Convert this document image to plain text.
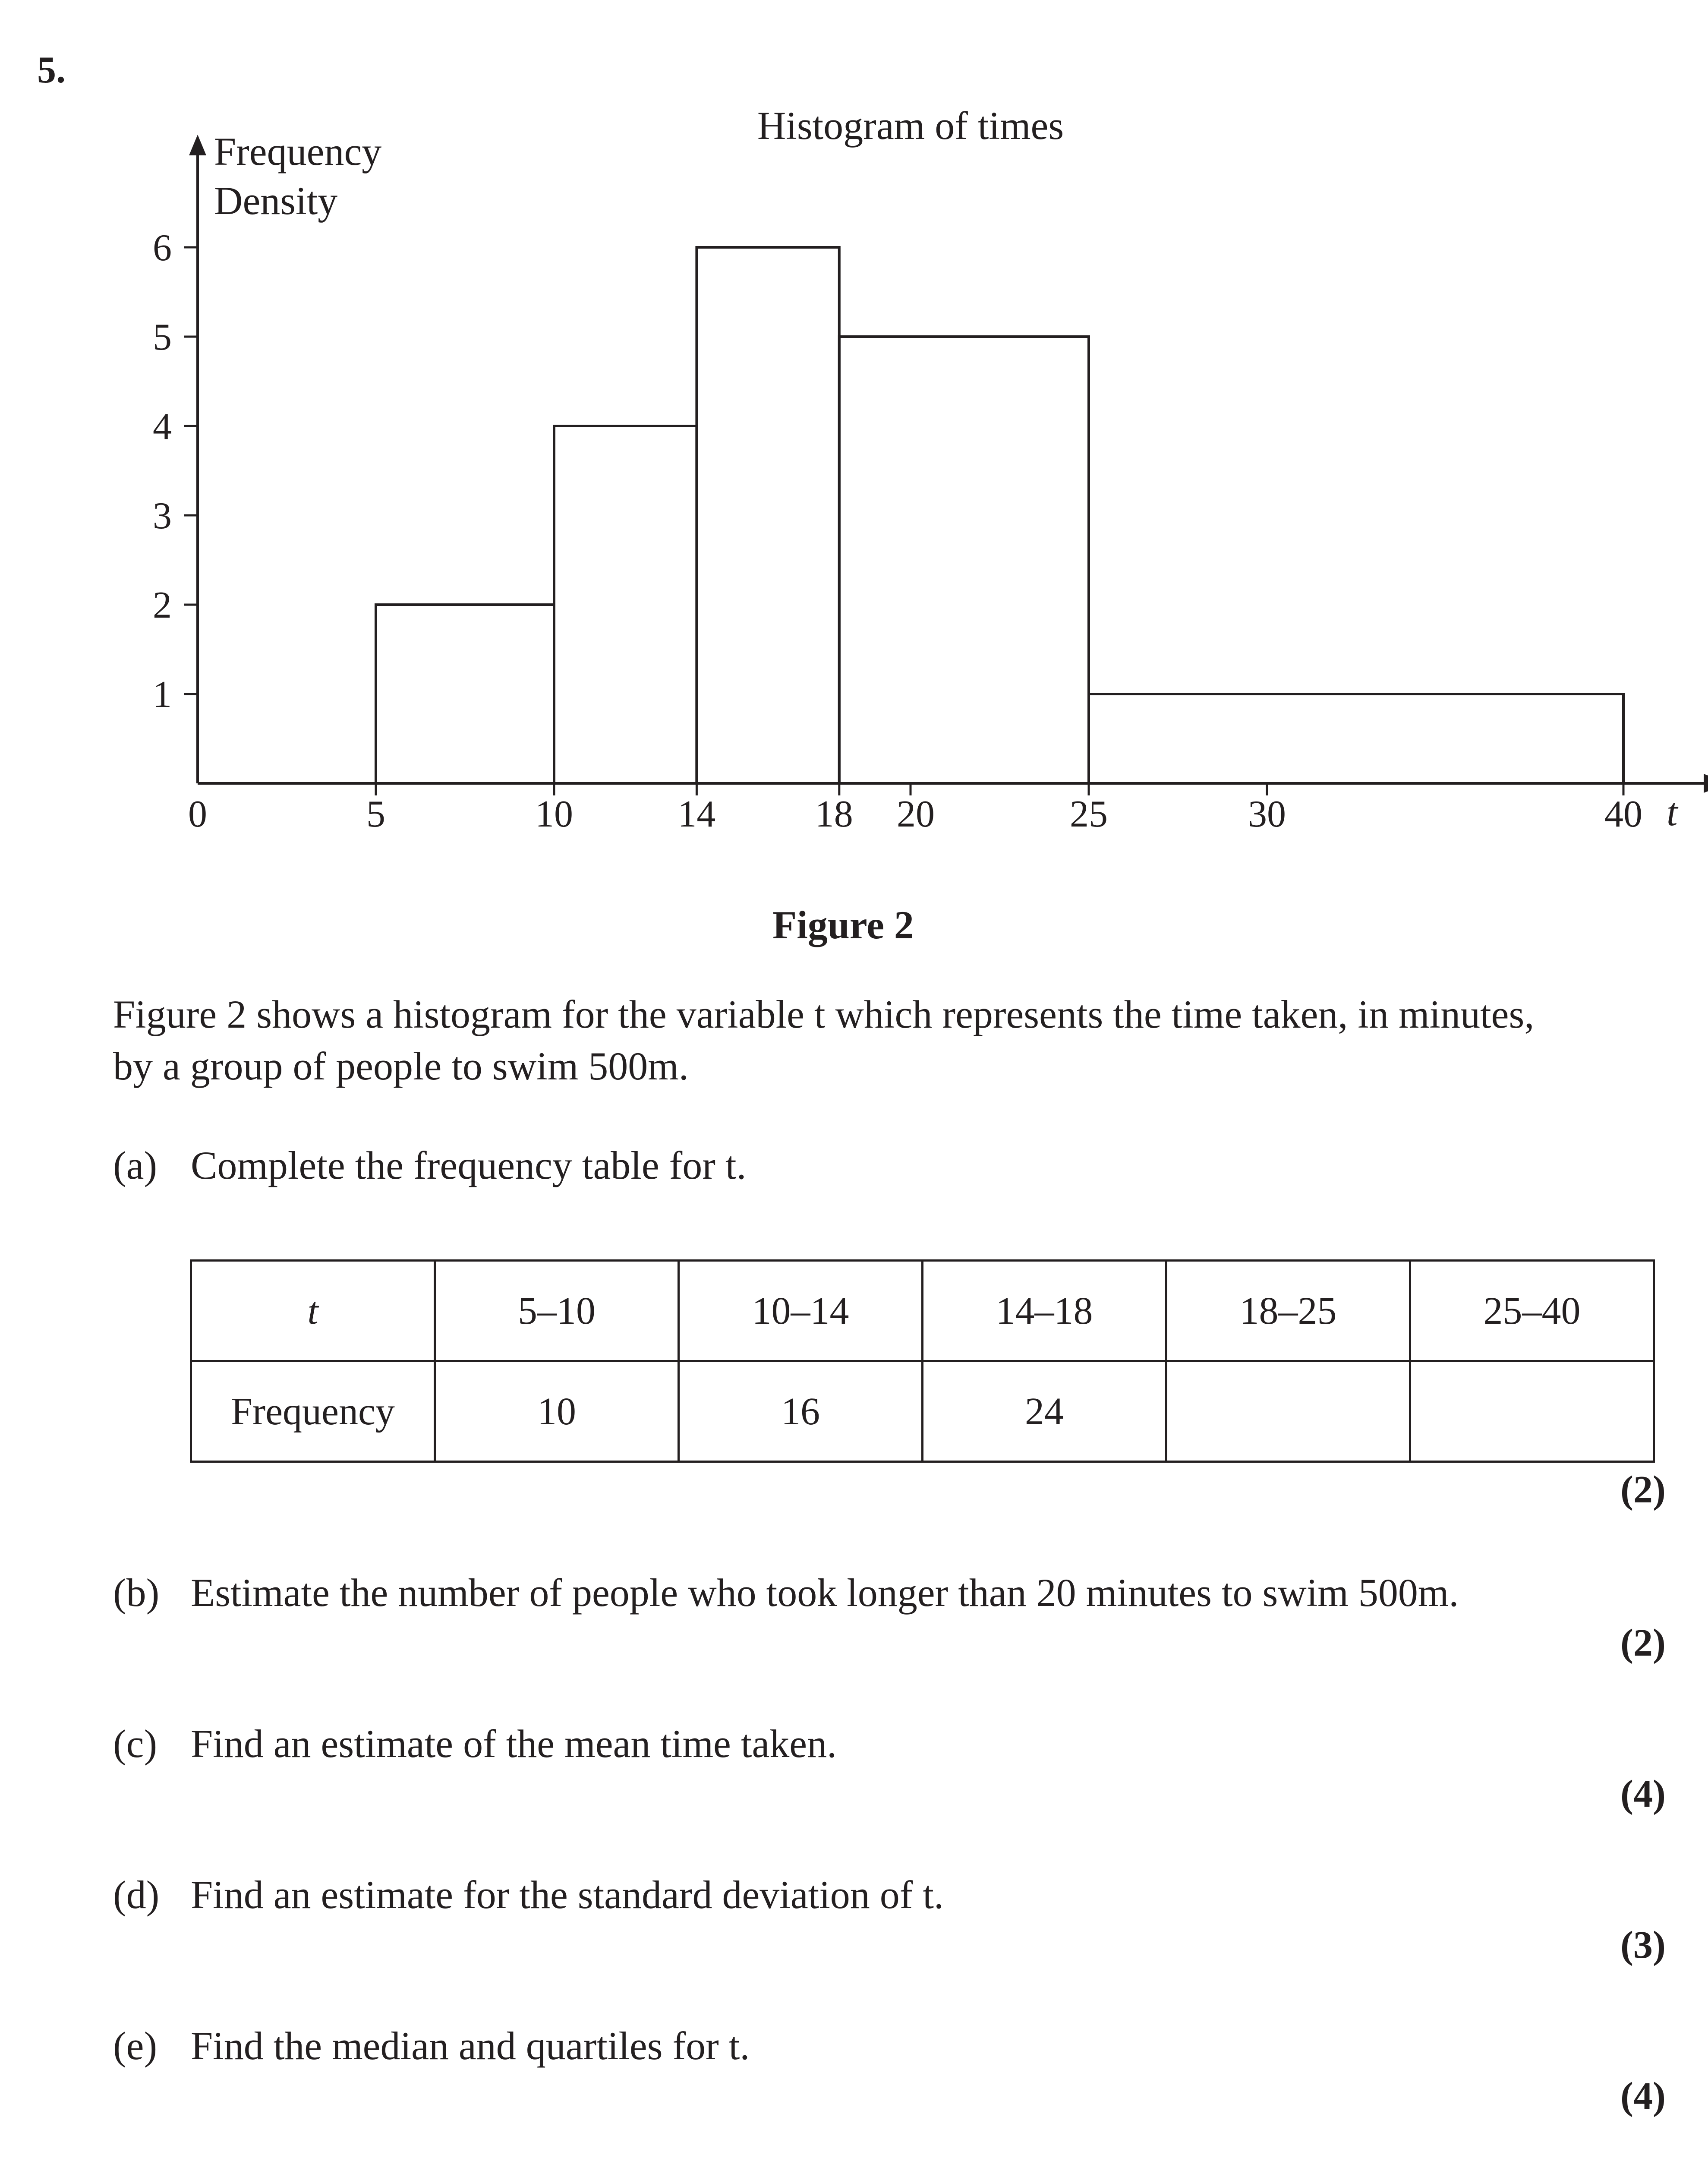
5.
Histogram of times
Frequency
Density
t
1
2
3
4
5
6
0	5	10	14	18 20	25	30	40
Figure 2
Figure 2 shows a histogram for the variable t which represents the time taken, in minutes,
by a group of people to swim 500m.
(a) Complete the frequency table for t.
t	5–10	10–14	14–18	18–25	25–40
Frequency	10	16	24		
(2)
(b) Estimate the number of people who took longer than 20 minutes to swim 500m.
(2)
(c) Find an estimate of the mean time taken.
(4)
(d) Find an estimate for the standard deviation of t.
(3)
(e) Find the median and quartiles for t.
(4)
